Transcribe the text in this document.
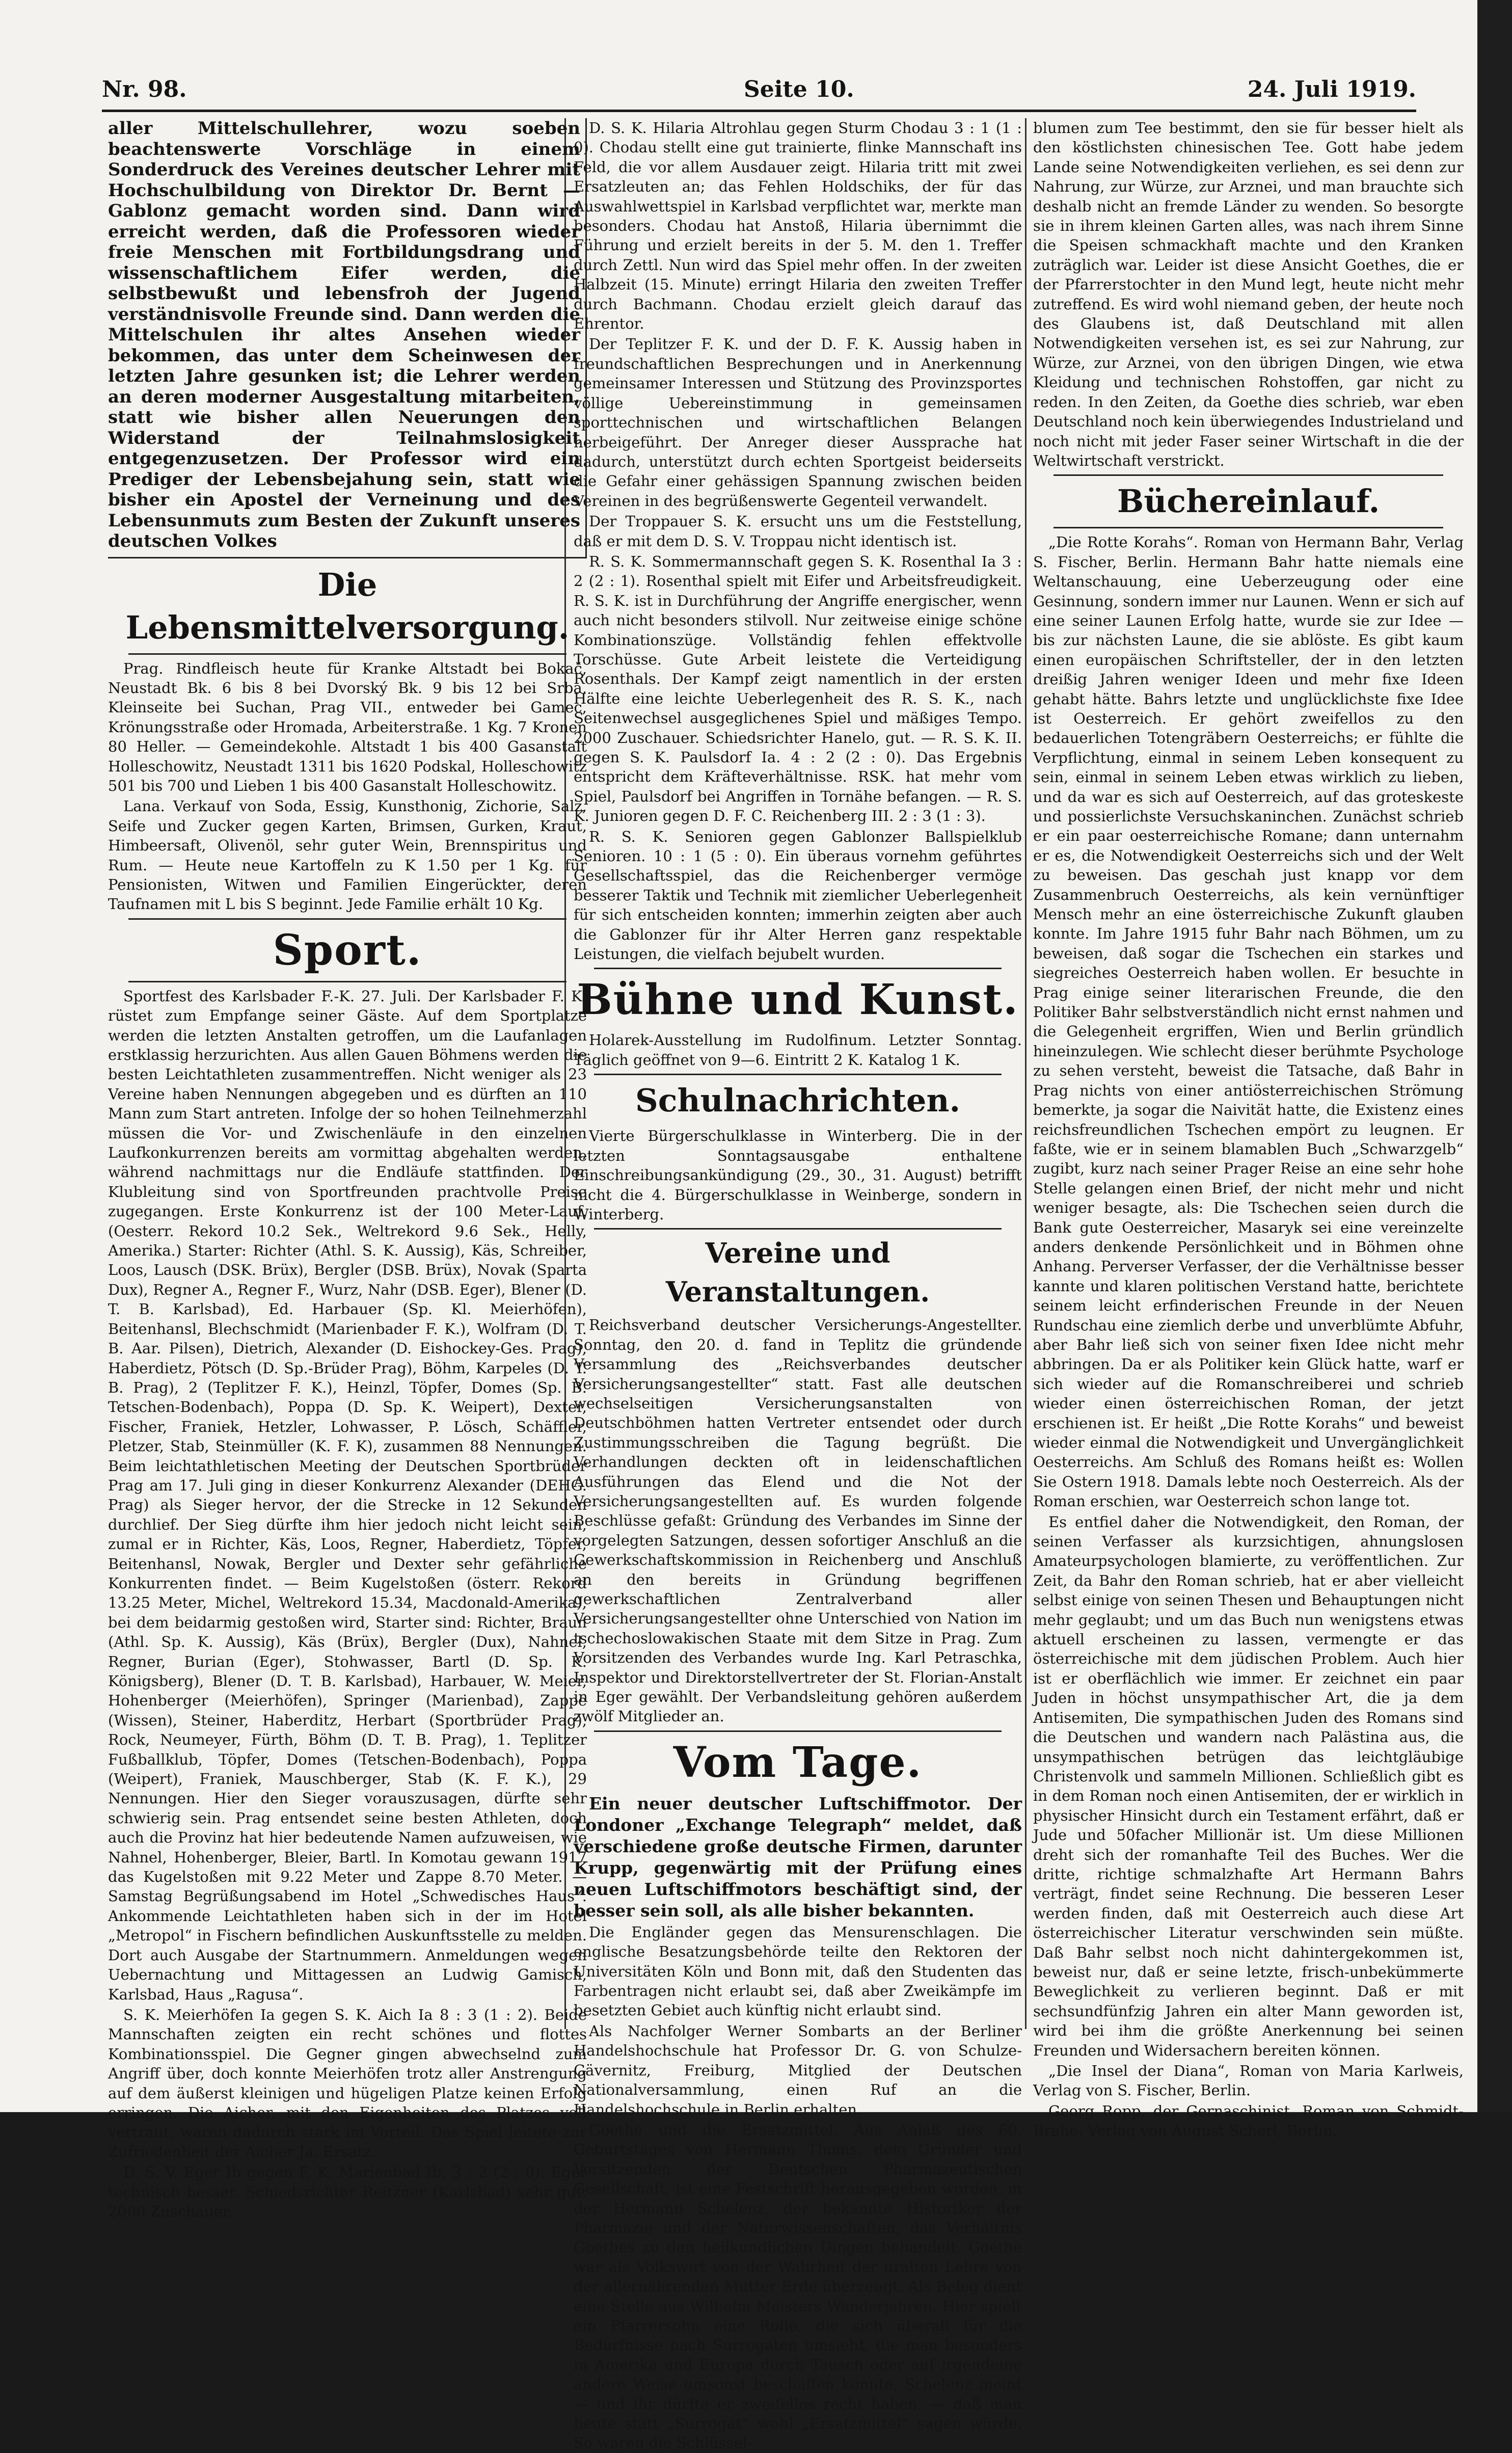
Nr. 98.	Seite 10.	24. Juli 1919.

aller Mittelschullehrer, wozu soeben beachtenswerte Vorschläge in einem Sonderdruck des Vereines deutscher Lehrer mit Hochschulbildung von Direktor Dr. Bernt — Gablonz gemacht worden sind. Dann wird erreicht werden, daß die Professoren wieder freie Menschen mit Fortbildungsdrang und wissenschaftlichem Eifer werden, die selbstbewußt und lebensfroh der Jugend verständnisvolle Freunde sind. Dann werden die Mittelschulen ihr altes Ansehen wieder bekommen, das unter dem Scheinwesen der letzten Jahre gesunken ist; die Lehrer werden an deren moderner Ausgestaltung mitarbeiten, statt wie bisher allen Neuerungen den Widerstand der Teilnahmslosigkeit entgegenzusetzen. Der Professor wird ein Prediger der Lebensbejahung sein, statt wie bisher ein Apostel der Verneinung und des Lebensunmuts zum Besten der Zukunft unseres deutschen Volkes

Die Lebensmittelversorgung.

Prag. Rindfleisch heute für Kranke Altstadt bei Bokač, Neustadt Bk. 6 bis 8 bei Dvorský Bk. 9 bis 12 bei Srba, Kleinseite bei Suchan, Prag VII., entweder bei Gamec, Krönungsstraße oder Hromada, Arbeiterstraße. 1 Kg. 7 Kronen 80 Heller. — Gemeindekohle. Altstadt 1 bis 400 Gasanstalt Holleschowitz, Neustadt 1311 bis 1620 Podskal, Holleschowitz 501 bis 700 und Lieben 1 bis 400 Gasanstalt Holleschowitz.

Lana. Verkauf von Soda, Essig, Kunsthonig, Zichorie, Salz, Seife und Zucker gegen Karten, Brimsen, Gurken, Kraut, Himbeersaft, Olivenöl, sehr guter Wein, Brennspiritus und Rum. — Heute neue Kartoffeln zu K 1.50 per 1 Kg. für Pensionisten, Witwen und Familien Eingerückter, deren Taufnamen mit L bis S beginnt. Jede Familie erhält 10 Kg.

Sport.

Sportfest des Karlsbader F.-K. 27. Juli. Der Karlsbader F. K. rüstet zum Empfange seiner Gäste. Auf dem Sportplatze werden die letzten Anstalten getroffen, um die Laufanlagen erstklassig herzurichten. Aus allen Gauen Böhmens werden die besten Leichtathleten zusammentreffen. Nicht weniger als 23 Vereine haben Nennungen abgegeben und es dürften an 110 Mann zum Start antreten. Infolge der so hohen Teilnehmerzahl müssen die Vor- und Zwischenläufe in den einzelnen Laufkonkurrenzen bereits am vormittag abgehalten werden, während nachmittags nur die Endläufe stattfinden. Der Klubleitung sind von Sportfreunden prachtvolle Preise zugegangen. Erste Konkurrenz ist der 100 Meter-Lauf. (Oesterr. Rekord 10.2 Sek., Weltrekord 9.6 Sek., Helly, Amerika.) Starter: Richter (Athl. S. K. Aussig), Käs, Schreiber, Loos, Lausch (DSK. Brüx), Bergler (DSB. Brüx), Novak (Sparta Dux), Regner A., Regner F., Wurz, Nahr (DSB. Eger), Blener (D. T. B. Karlsbad), Ed. Harbauer (Sp. Kl. Meierhöfen), Beitenhansl, Blechschmidt (Marienbader F. K.), Wolfram (D. T. B. Aar. Pilsen), Dietrich, Alexander (D. Eishockey-Ges. Prag), Haberdietz, Pötsch (D. Sp.-Brüder Prag), Böhm, Karpeles (D. T. B. Prag), 2 (Teplitzer F. K.), Heinzl, Töpfer, Domes (Sp. B. Tetschen-Bodenbach), Poppa (D. Sp. K. Weipert), Dexter, Fischer, Franiek, Hetzler, Lohwasser, P. Lösch, Schäffler, Pletzer, Stab, Steinmüller (K. F. K), zusammen 88 Nennungen. Beim leichtathletischen Meeting der Deutschen Sportbrüder Prag am 17. Juli ging in dieser Konkurrenz Alexander (DEHG. Prag) als Sieger hervor, der die Strecke in 12 Sekunden durchlief. Der Sieg dürfte ihm hier jedoch nicht leicht sein, zumal er in Richter, Käs, Loos, Regner, Haberdietz, Töpfer, Beitenhansl, Nowak, Bergler und Dexter sehr gefährliche Konkurrenten findet. — Beim Kugelstoßen (österr. Rekord 13.25 Meter, Michel, Weltrekord 15.34, Macdonald-Amerika), bei dem beidarmig gestoßen wird, Starter sind: Richter, Braun (Athl. Sp. K. Aussig), Käs (Brüx), Bergler (Dux), Nahnel, Regner, Burian (Eger), Stohwasser, Bartl (D. Sp. K. Königsberg), Blener (D. T. B. Karlsbad), Harbauer, W. Meier, Hohenberger (Meierhöfen), Springer (Marienbad), Zappe (Wissen), Steiner, Haberditz, Herbart (Sportbrüder Prag), Rock, Neumeyer, Fürth, Böhm (D. T. B. Prag), 1. Teplitzer Fußballklub, Töpfer, Domes (Tetschen-Bodenbach), Poppa (Weipert), Franiek, Mauschberger, Stab (K. F. K.), 29 Nennungen. Hier den Sieger vorauszusagen, dürfte sehr schwierig sein. Prag entsendet seine besten Athleten, doch auch die Provinz hat hier bedeutende Namen aufzuweisen, wie Nahnel, Hohenberger, Bleier, Bartl. In Komotau gewann 1917 das Kugelstoßen mit 9.22 Meter und Zappe 8.70 Meter. — Samstag Begrüßungsabend im Hotel „Schwedisches Haus“. Ankommende Leichtathleten haben sich in der im Hotel „Metropol“ in Fischern befindlichen Auskunftsstelle zu melden. Dort auch Ausgabe der Startnummern. Anmeldungen wegen Uebernachtung und Mittagessen an Ludwig Gamisch, Karlsbad, Haus „Ragusa“.

S. K. Meierhöfen Ia gegen S. K. Aich Ia 8 : 3 (1 : 2). Beide Mannschaften zeigten ein recht schönes und flottes Kombinationsspiel. Die Gegner gingen abwechselnd zum Angriff über, doch konnte Meierhöfen trotz aller Anstrengung auf dem äußerst kleinigen und hügeligen Platze keinen Erfolg erringen. Die Aicher, mit den Eigenheiten des Platzes voll vertraut, waren dadurch stark im Vorteil. Das Spiel leitete zur Zufriedenheit der Aicher Ja. Ersatz.

D. S. V. Eger Ib gegen F. K. Marienbad Ib. 3 : 2 (2 : 0). Eger technisch besser. Schiedsrichter Reitzner (Karlsbad) sehr gut. 2000 Zuschauer.

D. S. K. Hilaria Altrohlau gegen Sturm Chodau 3 : 1 (1 : 0). Chodau stellt eine gut trainierte, flinke Mannschaft ins Feld, die vor allem Ausdauer zeigt. Hilaria tritt mit zwei Ersatzleuten an; das Fehlen Holdschiks, der für das Auswahlwettspiel in Karlsbad verpflichtet war, merkte man besonders. Chodau hat Anstoß, Hilaria übernimmt die Führung und erzielt bereits in der 5. M. den 1. Treffer durch Zettl. Nun wird das Spiel mehr offen. In der zweiten Halbzeit (15. Minute) erringt Hilaria den zweiten Treffer durch Bachmann. Chodau erzielt gleich darauf das Ehrentor.

Der Teplitzer F. K. und der D. F. K. Aussig haben in freundschaftlichen Besprechungen und in Anerkennung gemeinsamer Interessen und Stützung des Provinzsportes völlige Uebereinstimmung in gemeinsamen sporttechnischen und wirtschaftlichen Belangen herbeigeführt. Der Anreger dieser Aussprache hat dadurch, unterstützt durch echten Sportgeist beiderseits die Gefahr einer gehässigen Spannung zwischen beiden Vereinen in des begrüßenswerte Gegenteil verwandelt.

Der Troppauer S. K. ersucht uns um die Feststellung, daß er mit dem D. S. V. Troppau nicht identisch ist.

R. S. K. Sommermannschaft gegen S. K. Rosenthal Ia 3 : 2 (2 : 1). Rosenthal spielt mit Eifer und Arbeitsfreudigkeit. R. S. K. ist in Durchführung der Angriffe energischer, wenn auch nicht besonders stilvoll. Nur zeitweise einige schöne Kombinationszüge. Vollständig fehlen effektvolle Torschüsse. Gute Arbeit leistete die Verteidigung Rosenthals. Der Kampf zeigt namentlich in der ersten Hälfte eine leichte Ueberlegenheit des R. S. K., nach Seitenwechsel ausgeglichenes Spiel und mäßiges Tempo. 2000 Zuschauer. Schiedsrichter Hanelo, gut. — R. S. K. II. gegen S. K. Paulsdorf Ia. 4 : 2 (2 : 0). Das Ergebnis entspricht dem Kräfteverhältnisse. RSK. hat mehr vom Spiel, Paulsdorf bei Angriffen in Tornähe befangen. — R. S. K. Junioren gegen D. F. C. Reichenberg III. 2 : 3 (1 : 3).

R. S. K. Senioren gegen Gablonzer Ballspielklub Senioren. 10 : 1 (5 : 0). Ein überaus vornehm geführtes Gesellschaftsspiel, das die Reichenberger vermöge besserer Taktik und Technik mit ziemlicher Ueberlegenheit für sich entscheiden konnten; immerhin zeigten aber auch die Gablonzer für ihr Alter Herren ganz respektable Leistungen, die vielfach bejubelt wurden.

Bühne und Kunst.

Holarek-Ausstellung im Rudolfinum. Letzter Sonntag. Täglich geöffnet von 9—6. Eintritt 2 K. Katalog 1 K.

Schulnachrichten.

Vierte Bürgerschulklasse in Winterberg. Die in der letzten Sonntagsausgabe enthaltene Einschreibungsankündigung (29., 30., 31. August) betrifft nicht die 4. Bürgerschulklasse in Weinberge, sondern in Winterberg.

Vereine und Veranstaltungen.

Reichsverband deutscher Versicherungs-Angestellter. Sonntag, den 20. d. fand in Teplitz die gründende Versammlung des „Reichsverbandes deutscher Versicherungsangestellter“ statt. Fast alle deutschen wechselseitigen Versicherungsanstalten von Deutschböhmen hatten Vertreter entsendet oder durch Zustimmungsschreiben die Tagung begrüßt. Die Verhandlungen deckten oft in leidenschaftlichen Ausführungen das Elend und die Not der Versicherungsangestellten auf. Es wurden folgende Beschlüsse gefaßt: Gründung des Verbandes im Sinne der vorgelegten Satzungen, dessen sofortiger Anschluß an die Gewerkschaftskommission in Reichenberg und Anschluß an den bereits in Gründung begriffenen gewerkschaftlichen Zentralverband aller Versicherungsangestellter ohne Unterschied von Nation im tschechoslowakischen Staate mit dem Sitze in Prag. Zum Vorsitzenden des Verbandes wurde Ing. Karl Petraschka, Inspektor und Direktorstellvertreter der St. Florian-Anstalt in Eger gewählt. Der Verbandsleitung gehören außerdem zwölf Mitglieder an.

Vom Tage.

Ein neuer deutscher Luftschiffmotor. Der Londoner „Exchange Telegraph“ meldet, daß verschiedene große deutsche Firmen, darunter Krupp, gegenwärtig mit der Prüfung eines neuen Luftschiffmotors beschäftigt sind, der besser sein soll, als alle bisher bekannten.

Die Engländer gegen das Mensurenschlagen. Die englische Besatzungsbehörde teilte den Rektoren der Universitäten Köln und Bonn mit, daß den Studenten das Farbentragen nicht erlaubt sei, daß aber Zweikämpfe im besetzten Gebiet auch künftig nicht erlaubt sind.

Als Nachfolger Werner Sombarts an der Berliner Handelshochschule hat Professor Dr. G. von Schulze-Gävernitz, Freiburg, Mitglied der Deutschen Nationalversammlung, einen Ruf an die Handelshochschule in Berlin erhalten.

Goethe und die Ersatzmittel. Aus Anlaß des 60. Geburtstages von Hermann Thoms, dem Gründer und Vorsitzenden der Deutschen Pharmazeutischen Gesellschaft, ist eine Festschrift herausgegeben worden, in der Hermann Schelenz, der bekannte Historiker der Pharmazie und der Naturwissenschaften, das Verhältnis Goethes zu den heilkundlichen Dingen behandelt. Goethe war als Volkswirt von der Wahrheit der uralten Lehre von der allernährenden Mutter Erde überzeugt. Als Beleg dient eine Stelle aus Wilhelm Meisters Wanderjahren. Hier spielt ein Pfarrersohn eine Rolle, die sich überall für die Bedürfnisse nach Surrogaten umsieht, die man besonders in Amerika und Europa durch Tausch oder auf irgendeine andere Weise umsonst beschaffen konnte. Schelenz meint — und ihr dürfte er zweifellos recht haben, — daß man heute statt „Surrogat“ wohl „Ersatzmittel“ sagen würde. So waren die Schlüssel-

blumen zum Tee bestimmt, den sie für besser hielt als den köstlichsten chinesischen Tee. Gott habe jedem Lande seine Notwendigkeiten verliehen, es sei denn zur Nahrung, zur Würze, zur Arznei, und man brauchte sich deshalb nicht an fremde Länder zu wenden. So besorgte sie in ihrem kleinen Garten alles, was nach ihrem Sinne die Speisen schmackhaft machte und den Kranken zuträglich war. Leider ist diese Ansicht Goethes, die er der Pfarrerstochter in den Mund legt, heute nicht mehr zutreffend. Es wird wohl niemand geben, der heute noch des Glaubens ist, daß Deutschland mit allen Notwendigkeiten versehen ist, es sei zur Nahrung, zur Würze, zur Arznei, von den übrigen Dingen, wie etwa Kleidung und technischen Rohstoffen, gar nicht zu reden. In den Zeiten, da Goethe dies schrieb, war eben Deutschland noch kein überwiegendes Industrieland und noch nicht mit jeder Faser seiner Wirtschaft in die der Weltwirtschaft verstrickt.

Büchereinlauf.

„Die Rotte Korahs“. Roman von Hermann Bahr, Verlag S. Fischer, Berlin. Hermann Bahr hatte niemals eine Weltanschauung, eine Ueberzeugung oder eine Gesinnung, sondern immer nur Launen. Wenn er sich auf eine seiner Launen Erfolg hatte, wurde sie zur Idee — bis zur nächsten Laune, die sie ablöste. Es gibt kaum einen europäischen Schriftsteller, der in den letzten dreißig Jahren weniger Ideen und mehr fixe Ideen gehabt hätte. Bahrs letzte und unglücklichste fixe Idee ist Oesterreich. Er gehört zweifellos zu den bedauerlichen Totengräbern Oesterreichs; er fühlte die Verpflichtung, einmal in seinem Leben konsequent zu sein, einmal in seinem Leben etwas wirklich zu lieben, und da war es sich auf Oesterreich, auf das groteskeste und possierlichste Versuchskaninchen. Zunächst schrieb er ein paar oesterreichische Romane; dann unternahm er es, die Notwendigkeit Oesterreichs sich und der Welt zu beweisen. Das geschah just knapp vor dem Zusammenbruch Oesterreichs, als kein vernünftiger Mensch mehr an eine österreichische Zukunft glauben konnte. Im Jahre 1915 fuhr Bahr nach Böhmen, um zu beweisen, daß sogar die Tschechen ein starkes und siegreiches Oesterreich haben wollen. Er besuchte in Prag einige seiner literarischen Freunde, die den Politiker Bahr selbstverständlich nicht ernst nahmen und die Gelegenheit ergriffen, Wien und Berlin gründlich hineinzulegen. Wie schlecht dieser berühmte Psychologe zu sehen versteht, beweist die Tatsache, daß Bahr in Prag nichts von einer antiösterreichischen Strömung bemerkte, ja sogar die Naivität hatte, die Existenz eines reichsfreundlichen Tschechen empört zu leugnen. Er faßte, wie er in seinem blamablen Buch „Schwarzgelb“ zugibt, kurz nach seiner Prager Reise an eine sehr hohe Stelle gelangen einen Brief, der nicht mehr und nicht weniger besagte, als: Die Tschechen seien durch die Bank gute Oesterreicher, Masaryk sei eine vereinzelte anders denkende Persönlichkeit und in Böhmen ohne Anhang. Perverser Verfasser, der die Verhältnisse besser kannte und klaren politischen Verstand hatte, berichtete seinem leicht erfinderischen Freunde in der Neuen Rundschau eine ziemlich derbe und unverblümte Abfuhr, aber Bahr ließ sich von seiner fixen Idee nicht mehr abbringen. Da er als Politiker kein Glück hatte, warf er sich wieder auf die Romanschreiberei und schrieb wieder einen österreichischen Roman, der jetzt erschienen ist. Er heißt „Die Rotte Korahs“ und beweist wieder einmal die Notwendigkeit und Unvergänglichkeit Oesterreichs. Am Schluß des Romans heißt es: Wollen Sie Ostern 1918. Damals lebte noch Oesterreich. Als der Roman erschien, war Oesterreich schon lange tot.

Es entfiel daher die Notwendigkeit, den Roman, der seinen Verfasser als kurzsichtigen, ahnungslosen Amateurpsychologen blamierte, zu veröffentlichen. Zur Zeit, da Bahr den Roman schrieb, hat er aber vielleicht selbst einige von seinen Thesen und Behauptungen nicht mehr geglaubt; und um das Buch nun wenigstens etwas aktuell erscheinen zu lassen, vermengte er das österreichische mit dem jüdischen Problem. Auch hier ist er oberflächlich wie immer. Er zeichnet ein paar Juden in höchst unsympathischer Art, die ja dem Antisemiten, Die sympathischen Juden des Romans sind die Deutschen und wandern nach Palästina aus, die unsympathischen betrügen das leichtgläubige Christenvolk und sammeln Millionen. Schließlich gibt es in dem Roman noch einen Antisemiten, der er wirklich in physischer Hinsicht durch ein Testament erfährt, daß er Jude und 50facher Millionär ist. Um diese Millionen dreht sich der romanhafte Teil des Buches. Wer die dritte, richtige schmalzhafte Art Hermann Bahrs verträgt, findet seine Rechnung. Die besseren Leser werden finden, daß mit Oesterreich auch diese Art österreichischer Literatur verschwinden sein müßte. Daß Bahr selbst noch nicht dahintergekommen ist, beweist nur, daß er seine letzte, frisch-unbekümmerte Beweglichkeit zu verlieren beginnt. Daß er mit sechsundfünfzig Jahren ein alter Mann geworden ist, wird bei ihm die größte Anerkennung bei seinen Freunden und Widersachern bereiten können.

„Die Insel der Diana“, Roman von Maria Karlweis, Verlag von S. Fischer, Berlin.

Georg Ropp, der Gernaschinist. Roman von Schmidt-Brahe, Verlag von August Scherl, Berlin.
